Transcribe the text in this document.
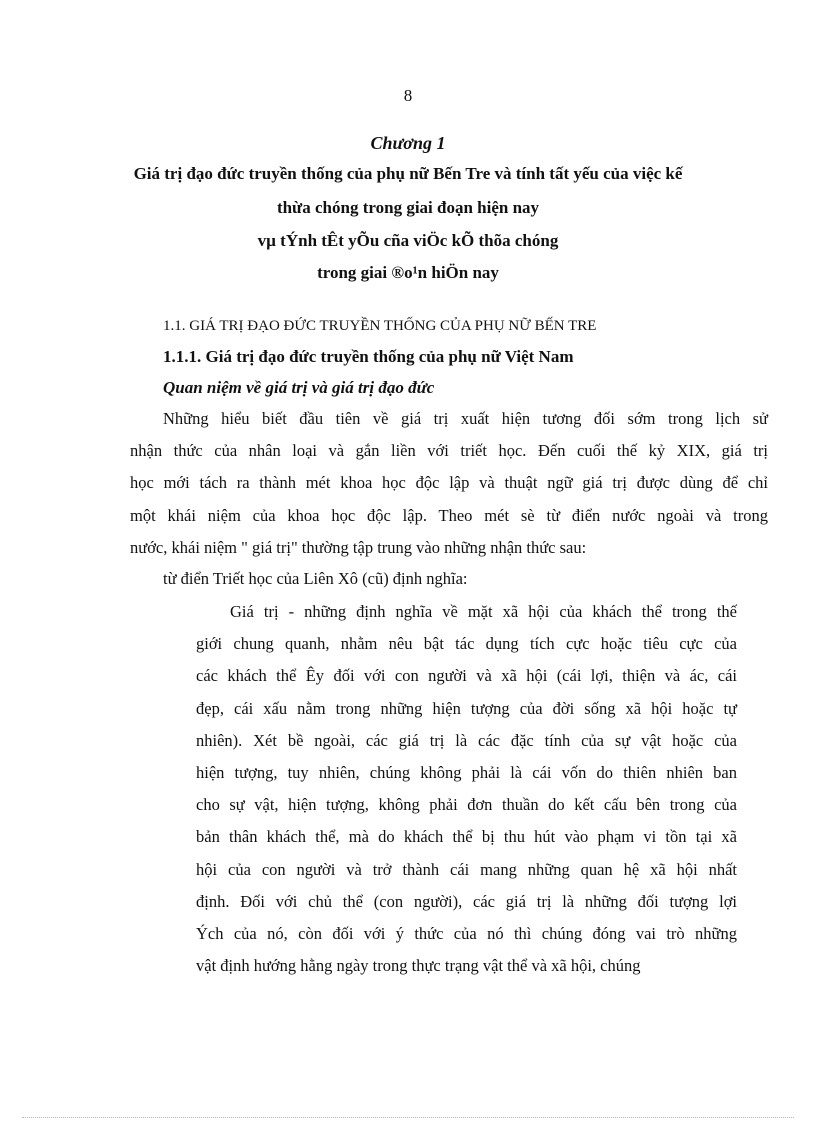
8
Chương 1
Giá trị đạo đức truyền thống của phụ nữ Bến Tre và tính tất yếu của việc kế
thừa chóng trong giai đoạn hiện nay
vµ tÝnh tÊt yÕu cña viÖc kÕ thõa chóng
trong giai ®o¹n hiÖn nay
1.1. GIÁ TRỊ ĐẠO ĐỨC TRUYỀN THỐNG CỦA PHỤ NỮ BẾN TRE
1.1.1. Giá trị đạo đức truyền thống của phụ nữ Việt Nam
Quan niệm về giá trị và giá trị đạo đức
Những hiểu biết đầu tiên về giá trị xuất hiện tương đối sớm trong lịch sử
nhận thức của nhân loại và gắn liền với triết học. Đến cuối thế kỷ XIX, giá trị
học mới tách ra thành mét khoa học độc lập và thuật ngữ giá trị được dùng để chỉ
một khái niệm của khoa học độc lập. Theo mét sè từ điển nước ngoài và trong
nước, khái niệm " giá trị" thường tập trung vào những nhận thức sau:
từ điển Triết học của Liên Xô (cũ) định nghĩa:
Giá trị - những định nghĩa về mặt xã hội của khách thể trong thế
giới chung quanh, nhằm nêu bật tác dụng tích cực hoặc tiêu cực của
các khách thể Êy đối với con người và xã hội (cái lợi, thiện và ác, cái
đẹp, cái xấu nằm trong những hiện tượng của đời sống xã hội hoặc tự
nhiên). Xét bề ngoài, các giá trị là các đặc tính của sự vật hoặc của
hiện tượng, tuy nhiên, chúng không phải là cái vốn do thiên nhiên ban
cho sự vật, hiện tượng, không phải đơn thuần do kết cấu bên trong của
bản thân khách thể, mà do khách thể bị thu hút vào phạm vi tồn tại xã
hội của con người và trở thành cái mang những quan hệ xã hội nhất
định. Đối với chủ thể (con người), các giá trị là những đối tượng lợi
Ých của nó, còn đối với ý thức của nó thì chúng đóng vai trò những
vật định hướng hằng ngày trong thực trạng vật thể và xã hội, chúng
